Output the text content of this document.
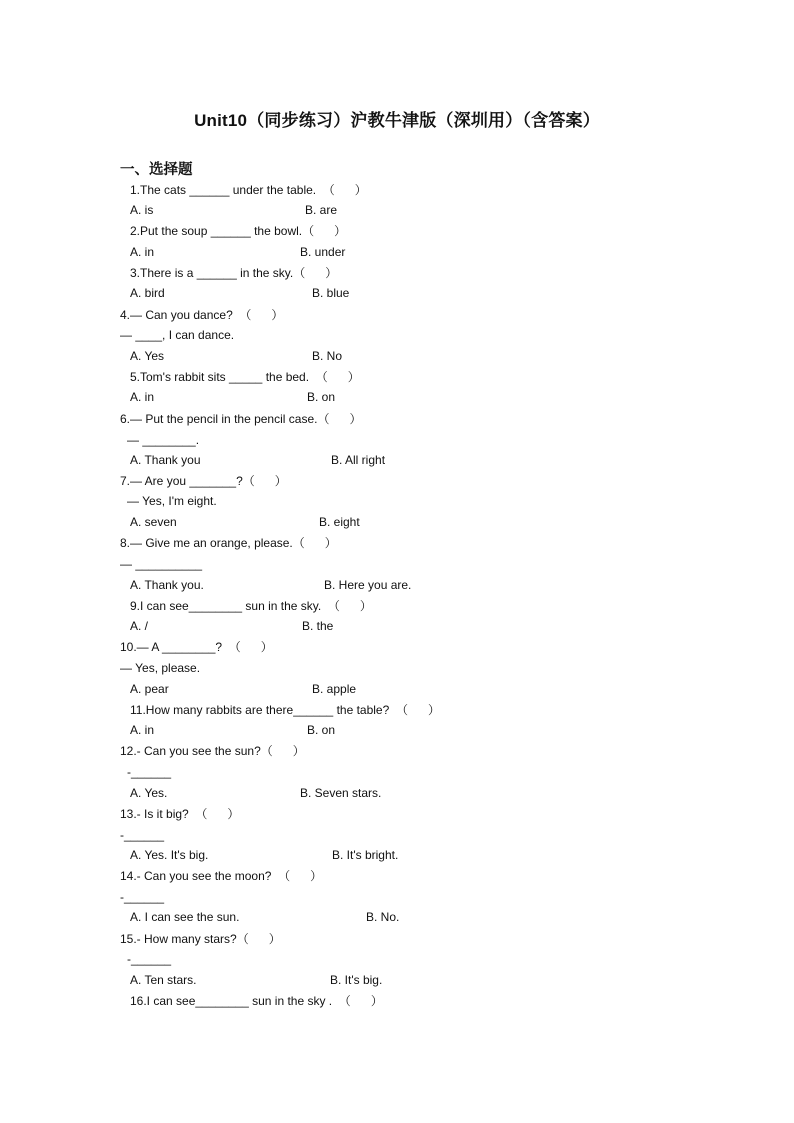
Unit10（同步练习）沪教牛津版（深圳用）（含答案）
一、选择题
1.The cats ______ under the table.  （      ）
A. is	B. are
2.Put the soup ______ the bowl.（      ）
A. in	B. under
3.There is a ______ in the sky.（      ）
A. bird	B. blue
4.— Can you dance?  （      ）
— ____, I can dance.
A. Yes	B. No
5.Tom's rabbit sits _____ the bed.  （      ）
A. in	B. on
6.— Put the pencil in the pencil case.（      ）
— ________.
A. Thank you	B. All right
7.— Are you _______?（      ）
— Yes, I'm eight.
A. seven	B. eight
8.— Give me an orange, please.（      ）
— __________
A. Thank you.	B. Here you are.
9.I can see________ sun in the sky.  （      ）
A. /	B. the
10.— A ________?  （      ）
— Yes, please.
A. pear	B. apple
11.How many rabbits are there______ the table?  （      ）
A. in	B. on
12.- Can you see the sun?（      ）
-______
A. Yes.	B. Seven stars.
13.- Is it big?  （      ）
-______
A. Yes. It's big.	B. It's bright.
14.- Can you see the moon?  （      ）
-______
A. I can see the sun.	B. No.
15.- How many stars?（      ）
-______
A. Ten stars.	B. It's big.
16.I can see________ sun in the sky .  （      ）
